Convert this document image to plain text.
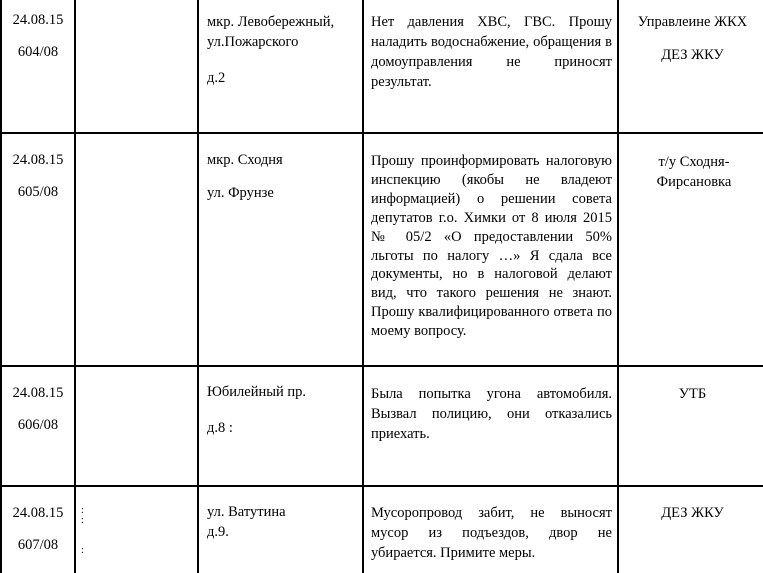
24.08.15
604/08
мкр. Левобережный,
ул.Пожарского
д.2
Нет давления ХВС, ГВС. Прошу наладить водоснабжение, обращения в домоуправления не приносят результат.
Управлеине ЖКХ
ДЕЗ ЖКУ
24.08.15
605/08
мкр. Сходня
ул. Фрунзе
Прошу проинформировать налоговую инспекцию (якобы не владеют информацией) о решении совета депутатов г.о. Химки от 8 июля 2015 № 05/2 «О предоставлении 50% льготы по налогу …» Я сдала все документы, но в налоговой делают вид, что такого решения не знают. Прошу квалифицированного ответа по моему вопросу.
т/у Сходня-Фирсановка
24.08.15
606/08
Юбилейный пр.
д.8 :
Была попытка угона автомобиля. Вызвал полицию, они отказались приехать.
УТБ
24.08.15
607/08
:
:

:
ул. Ватутина
д.9.
Мусоропровод забит, не выносят мусор из подъездов, двор не убирается. Примите меры.
ДЕЗ ЖКУ
